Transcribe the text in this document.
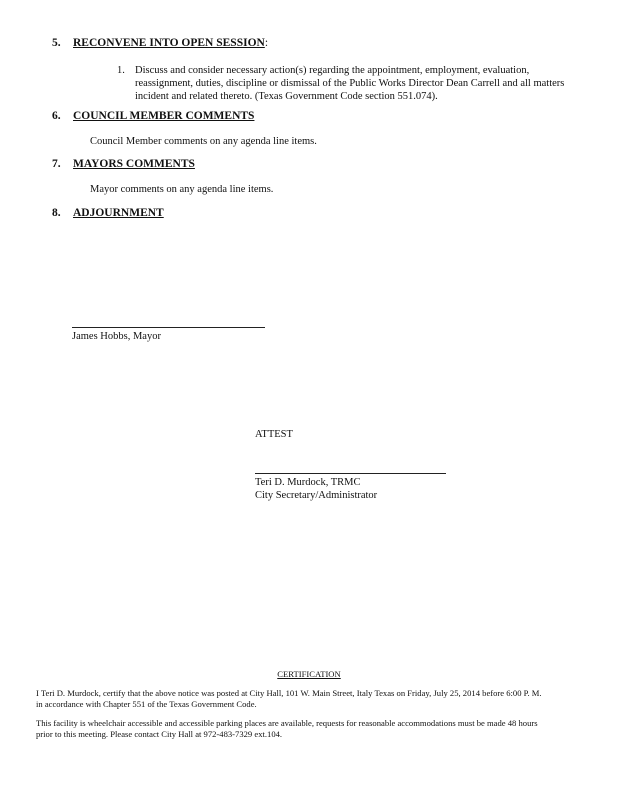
5. RECONVENE INTO OPEN SESSION:
1. Discuss and consider necessary action(s) regarding the appointment, employment, evaluation,
reassignment, duties, discipline or dismissal of the Public Works Director Dean Carrell and all matters
incident and related thereto. (Texas Government Code section 551.074).
6. COUNCIL MEMBER COMMENTS
Council Member comments on any agenda line items.
7. MAYORS COMMENTS
Mayor comments on any agenda line items.
8. ADJOURNMENT
James Hobbs, Mayor
ATTEST
Teri D. Murdock, TRMC
City Secretary/Administrator
CERTIFICATION
I Teri D. Murdock, certify that the above notice was posted at City Hall, 101 W. Main Street, Italy Texas on Friday, July 25, 2014 before 6:00 P. M.
in accordance with Chapter 551 of the Texas Government Code.
This facility is wheelchair accessible and accessible parking places are available, requests for reasonable accommodations must be made 48 hours
prior to this meeting. Please contact City Hall at 972-483-7329 ext.104.
